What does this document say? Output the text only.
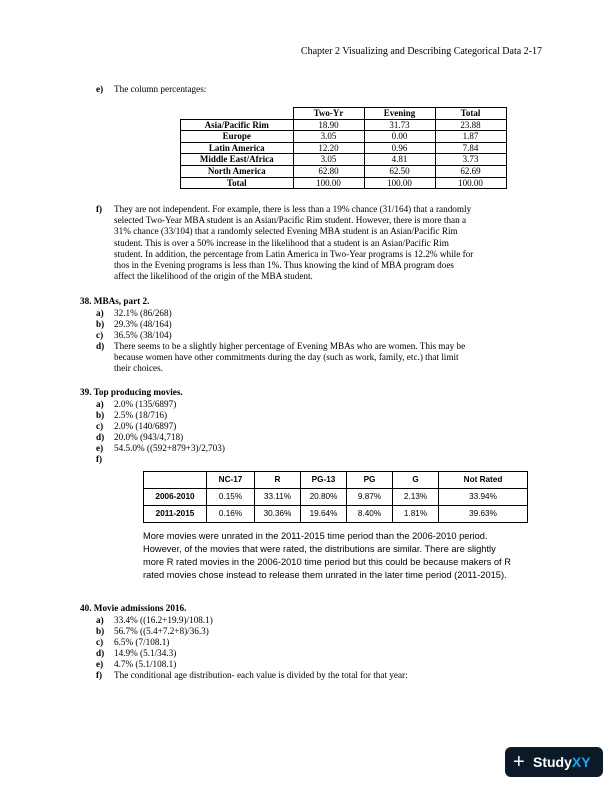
Chapter 2 Visualizing and Describing Categorical Data 2-17
e) The column percentages:
	Two-Yr	Evening	Total
Asia/Pacific Rim	18.90	31.73	23.88
Europe	3.05	0.00	1.87
Latin America	12.20	0.96	7.84
Middle East/Africa	3.05	4.81	3.73
North America	62.80	62.50	62.69
Total	100.00	100.00	100.00
f) They are not independent. For example, there is less than a 19% chance (31/164) that a randomly
selected Two-Year MBA student is an Asian/Pacific Rim student. However, there is more than a
31% chance (33/104) that a randomly selected Evening MBA student is an Asian/Pacific Rim
student. This is over a 50% increase in the likelihood that a student is an Asian/Pacific Rim
student. In addition, the percentage from Latin America in Two-Year programs is 12.2% while for
thos in the Evening programs is less than 1%. Thus knowing the kind of MBA program does
affect the likelihood of the origin of the MBA student.
38. MBAs, part 2.
a) 32.1% (86/268)
b) 29.3% (48/164)
c) 36.5% (38/104)
d) There seems to be a slightly higher percentage of Evening MBAs who are women. This may be
because women have other commitments during the day (such as work, family, etc.) that limit
their choices.
39. Top producing movies.
a) 2.0% (135/6897)
b) 2.5% (18/716)
c) 2.0% (140/6897)
d) 20.0% (943/4,718)
e) 54.5.0% ((592+879+3)/2,703)
f)
	NC-17	R	PG-13	PG	G	Not Rated
2006-2010	0.15%	33.11%	20.80%	9.87%	2.13%	33.94%
2011-2015	0.16%	30.36%	19.64%	8.40%	1.81%	39.63%
More movies were unrated in the 2011-2015 time period than the 2006-2010 period.
However, of the movies that were rated, the distributions are similar. There are slightly
more R rated movies in the 2006-2010 time period but this could be because makers of R
rated movies chose instead to release them unrated in the later time period (2011-2015).
40. Movie admissions 2016.
a) 33.4% ((16.2+19.9)/108.1)
b) 56.7% ((5.4+7.2+8)/36.3)
c) 6.5% (7/108.1)
d) 14.9% (5.1/34.3)
e) 4.7% (5.1/108.1)
f) The conditional age distribution- each value is divided by the total for that year:
+ StudyXY
